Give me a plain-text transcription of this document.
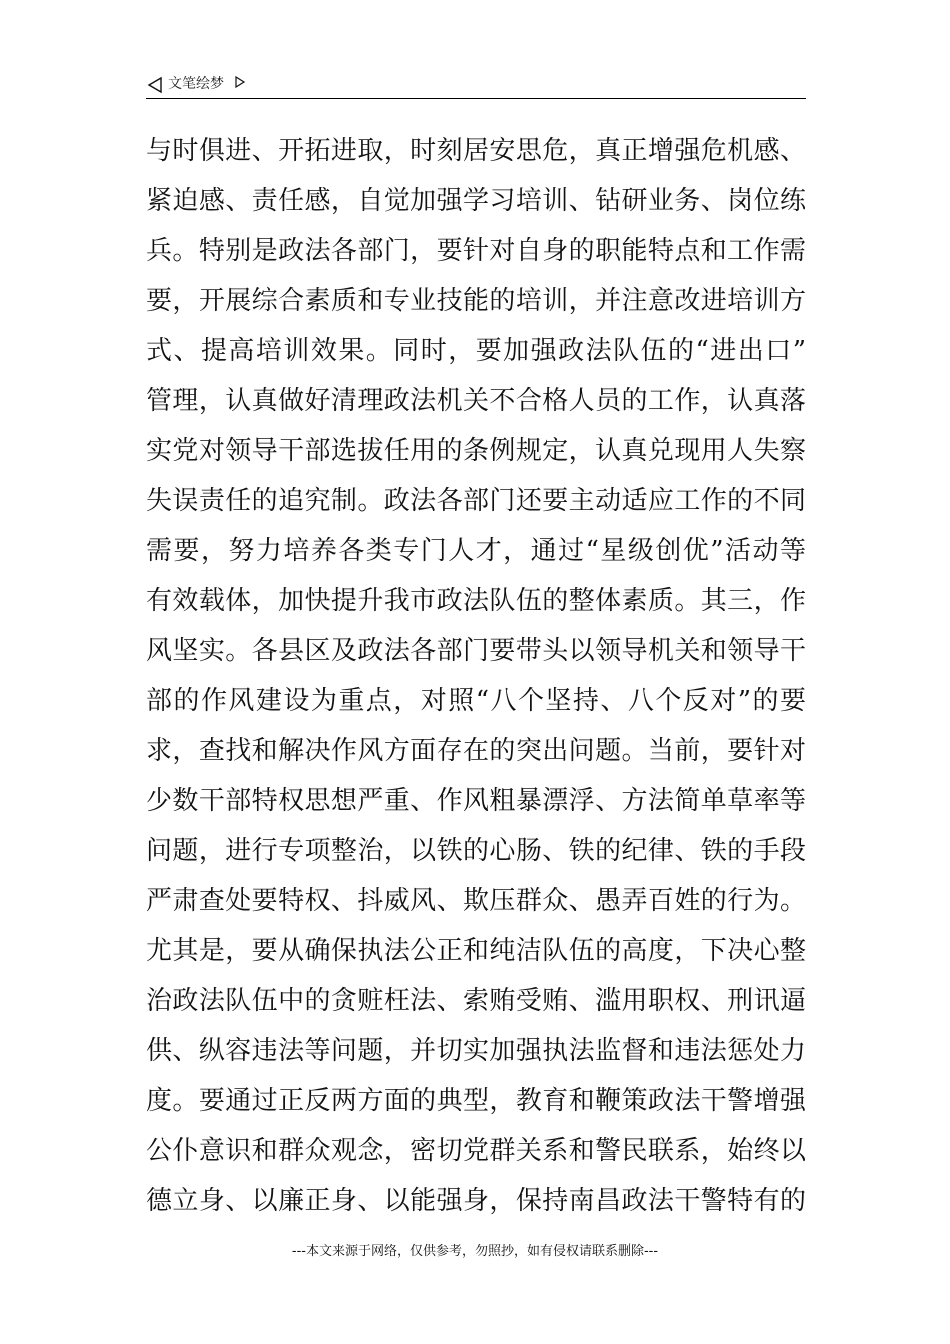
文笔绘梦
与时俱进、开拓进取，时刻居安思危，真正增强危机感、
紧迫感、责任感，自觉加强学习培训、钻研业务、岗位练
兵。特别是政法各部门，要针对自身的职能特点和工作需
要，开展综合素质和专业技能的培训，并注意改进培训方
式、提高培训效果。同时，要加强政法队伍的“进出口”
管理，认真做好清理政法机关不合格人员的工作，认真落
实党对领导干部选拔任用的条例规定，认真兑现用人失察
失误责任的追究制。政法各部门还要主动适应工作的不同
需要，努力培养各类专门人才，通过“星级创优”活动等
有效载体，加快提升我市政法队伍的整体素质。其三，作
风坚实。各县区及政法各部门要带头以领导机关和领导干
部的作风建设为重点，对照“八个坚持、八个反对”的要
求，查找和解决作风方面存在的突出问题。当前，要针对
少数干部特权思想严重、作风粗暴漂浮、方法简单草率等
问题，进行专项整治，以铁的心肠、铁的纪律、铁的手段
严肃查处要特权、抖威风、欺压群众、愚弄百姓的行为。
尤其是，要从确保执法公正和纯洁队伍的高度，下决心整
治政法队伍中的贪赃枉法、索贿受贿、滥用职权、刑讯逼
供、纵容违法等问题，并切实加强执法监督和违法惩处力
度。要通过正反两方面的典型，教育和鞭策政法干警增强
公仆意识和群众观念，密切党群关系和警民联系，始终以
德立身、以廉正身、以能强身，保持南昌政法干警特有的
---本文来源于网络，仅供参考，勿照抄，如有侵权请联系删除---
